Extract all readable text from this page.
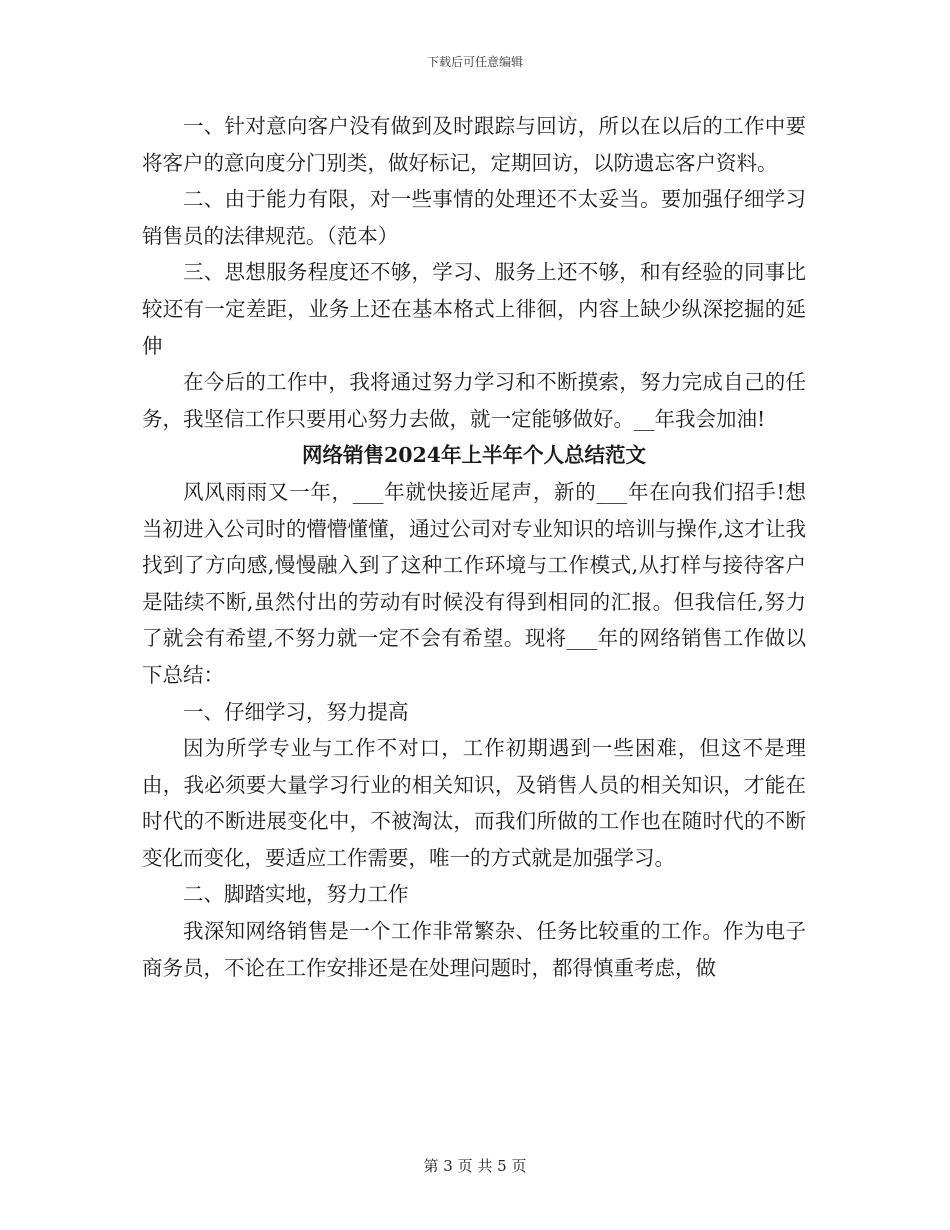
下载后可任意编辑

一、针对意向客户没有做到及时跟踪与回访，所以在以后的工作中要将客户的意向度分门别类，做好标记，定期回访，以防遗忘客户资料。

二、由于能力有限，对一些事情的处理还不太妥当。要加强仔细学习销售员的法律规范。（范本）

三、思想服务程度还不够，学习、服务上还不够，和有经验的同事比较还有一定差距，业务上还在基本格式上徘徊，内容上缺少纵深挖掘的延伸

在今后的工作中，我将通过努力学习和不断摸索，努力完成自己的任务，我坚信工作只要用心努力去做，就一定能够做好。__年我会加油!

网络销售2024年上半年个人总结范文

风风雨雨又一年，___年就快接近尾声，新的___年在向我们招手!想当初进入公司时的懵懵懂懂，通过公司对专业知识的培训与操作,这才让我找到了方向感,慢慢融入到了这种工作环境与工作模式,从打样与接待客户是陆续不断,虽然付出的劳动有时候没有得到相同的汇报。但我信任,努力了就会有希望,不努力就一定不会有希望。现将___年的网络销售工作做以下总结：

一、仔细学习，努力提高

因为所学专业与工作不对口，工作初期遇到一些困难，但这不是理由，我必须要大量学习行业的相关知识，及销售人员的相关知识，才能在时代的不断进展变化中，不被淘汰，而我们所做的工作也在随时代的不断变化而变化，要适应工作需要，唯一的方式就是加强学习。

二、脚踏实地，努力工作

我深知网络销售是一个工作非常繁杂、任务比较重的工作。作为电子商务员，不论在工作安排还是在处理问题时，都得慎重考虑，做

第 3 页 共 5 页
